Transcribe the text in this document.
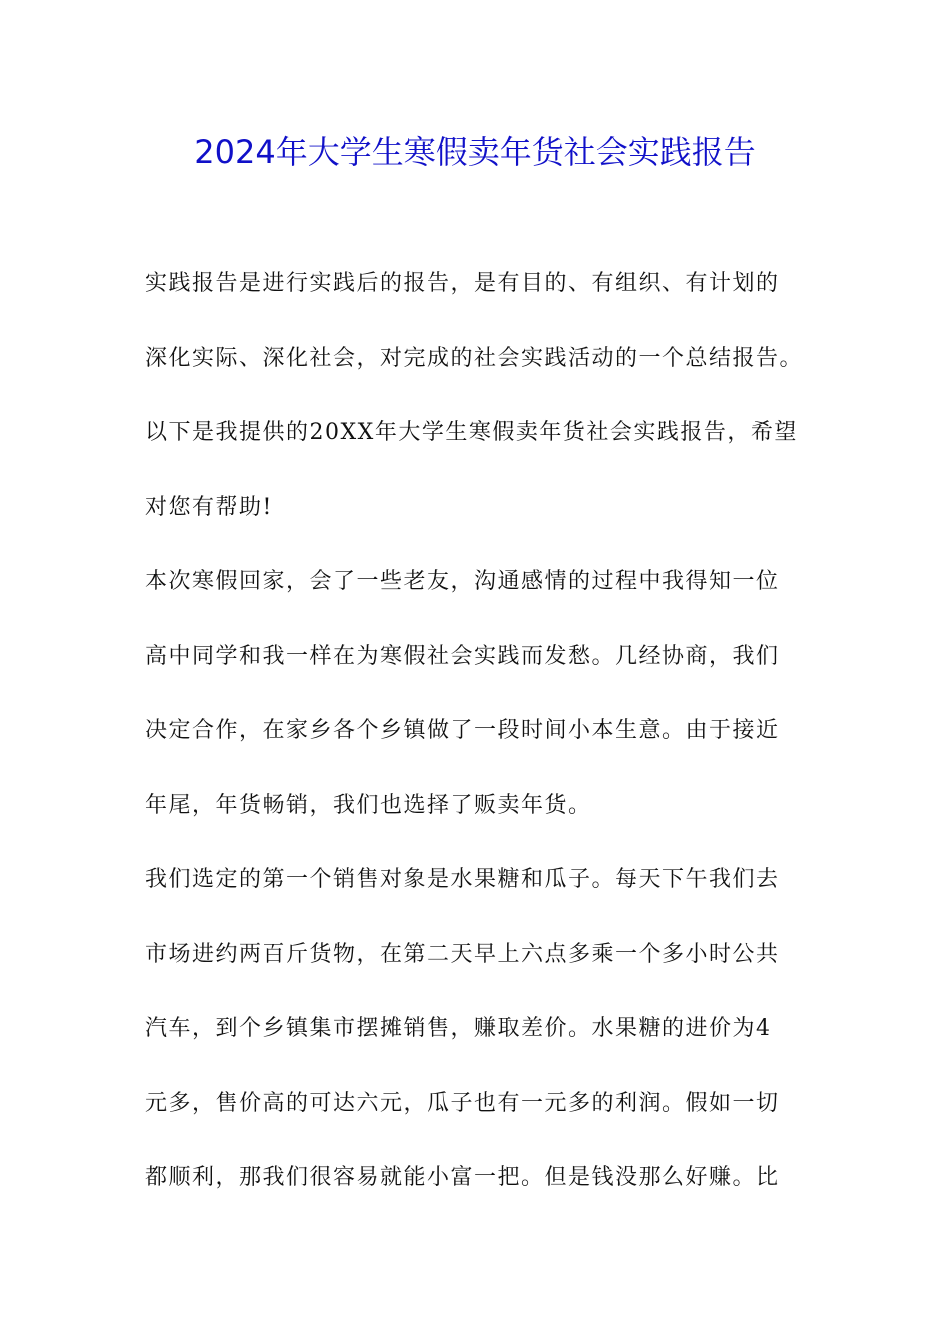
2024年大学生寒假卖年货社会实践报告
实践报告是进行实践后的报告，是有目的、有组织、有计划的
深化实际、深化社会，对完成的社会实践活动的一个总结报告。
以下是我提供的20XX年大学生寒假卖年货社会实践报告，希望
对您有帮助!
本次寒假回家，会了一些老友，沟通感情的过程中我得知一位
高中同学和我一样在为寒假社会实践而发愁。几经协商，我们
决定合作，在家乡各个乡镇做了一段时间小本生意。由于接近
年尾，年货畅销，我们也选择了贩卖年货。
我们选定的第一个销售对象是水果糖和瓜子。每天下午我们去
市场进约两百斤货物，在第二天早上六点多乘一个多小时公共
汽车，到个乡镇集市摆摊销售，赚取差价。水果糖的进价为4
元多，售价高的可达六元，瓜子也有一元多的利润。假如一切
都顺利，那我们很容易就能小富一把。但是钱没那么好赚。比
